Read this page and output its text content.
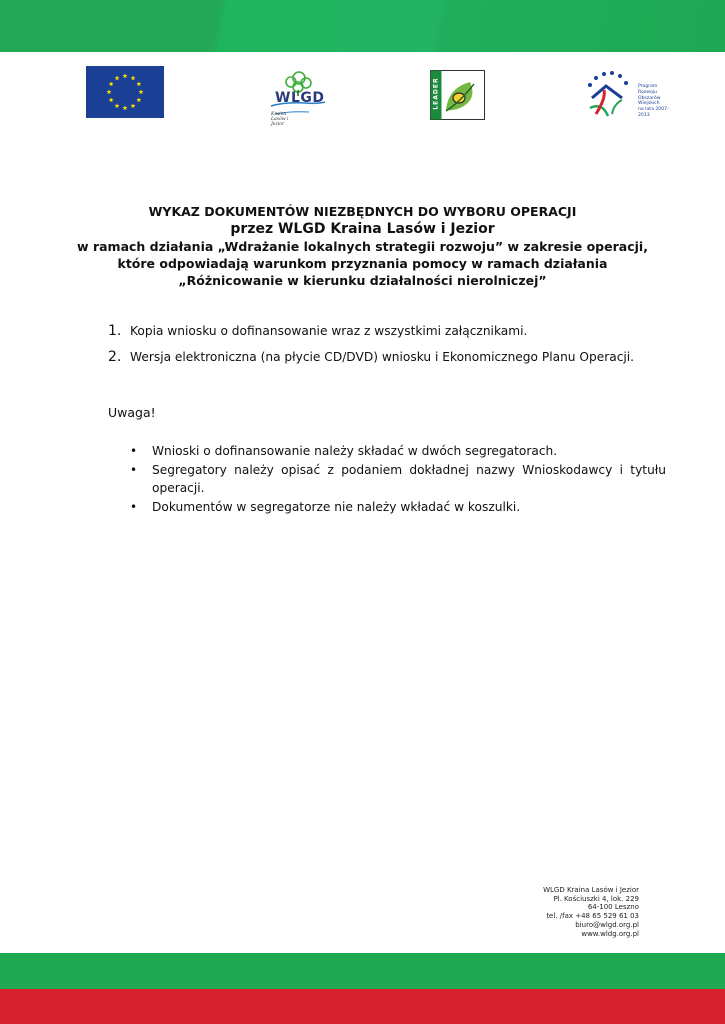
WLGD
Kraina Lasów i Jezior
LEADER	Program
Rozwoju
Obszarów
Wiejskich
na lata 2007-2013
WYKAZ DOKUMENTÓW NIEZBĘDNYCH DO WYBORU OPERACJI
przez WLGD Kraina Lasów i Jezior
w ramach działania „Wdrażanie lokalnych strategii rozwoju” w zakresie operacji,
które odpowiadają warunkom przyznania pomocy w ramach działania
„Różnicowanie w kierunku działalności nierolniczej”
1. Kopia wniosku o dofinansowanie wraz z wszystkimi załącznikami.
2. Wersja elektroniczna (na płycie CD/DVD) wniosku i Ekonomicznego Planu Operacji.
Uwaga!
•	Wnioski o dofinansowanie należy składać w dwóch segregatorach.
•	Segregatory należy opisać z podaniem dokładnej nazwy Wnioskodawcy i tytułu operacji.
•	Dokumentów w segregatorze nie należy wkładać w koszulki.
WLGD Kraina Lasów i Jezior
Pl. Kościuszki 4, lok. 229
64-100 Leszno
tel. /fax +48 65 529 61 03
biuro@wlgd.org.pl
www.wldg.org.pl
